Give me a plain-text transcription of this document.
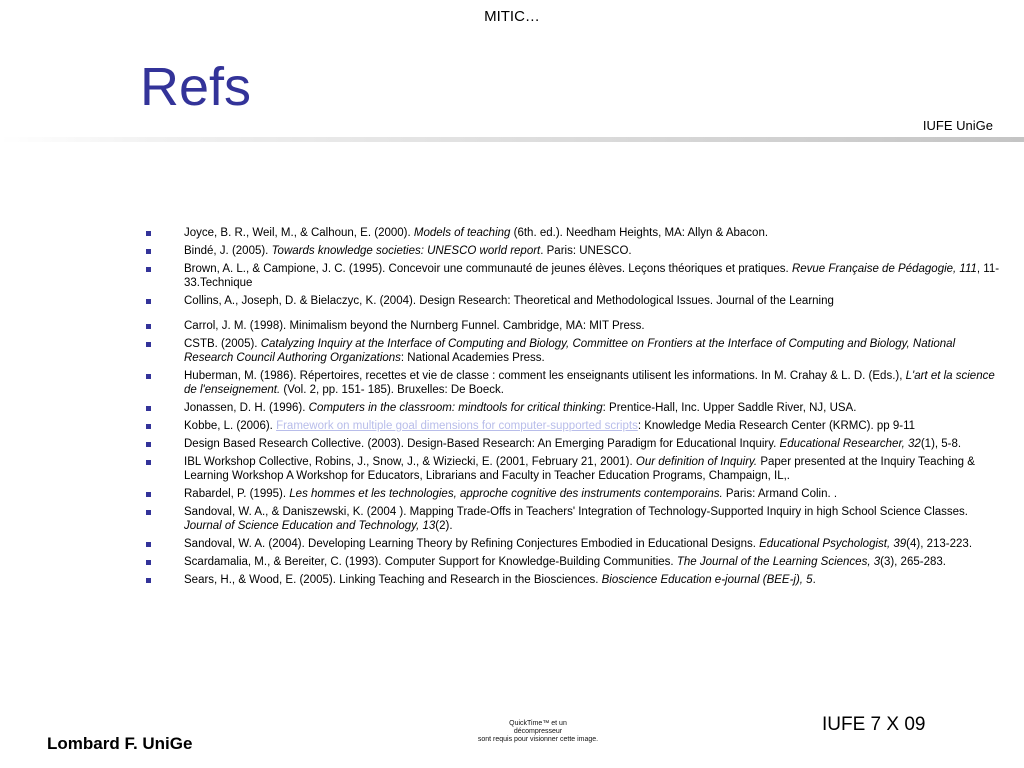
MITIC…
Refs
IUFE UniGe
Joyce, B. R., Weil, M., & Calhoun, E. (2000). Models of teaching (6th. ed.). Needham Heights, MA: Allyn & Abacon.
Bindé, J. (2005). Towards knowledge societies: UNESCO world report. Paris: UNESCO.
Brown, A. L., & Campione, J. C. (1995). Concevoir une communauté de jeunes élèves. Leçons théoriques et pratiques. Revue Française de Pédagogie, 111, 11-33.Technique
Collins, A., Joseph, D. & Bielaczyc, K. (2004). Design Research: Theoretical and Methodological Issues. Journal of the Learning
Carrol, J. M. (1998). Minimalism beyond the Nurnberg Funnel. Cambridge, MA: MIT Press.
CSTB. (2005). Catalyzing Inquiry at the Interface of Computing and Biology, Committee on Frontiers at the Interface of Computing and Biology, National Research Council Authoring Organizations: National Academies Press.
Huberman, M. (1986). Répertoires, recettes et vie de classe : comment les enseignants utilisent les informations. In M. Crahay & L. D. (Eds.), L'art et la science de l'enseignement. (Vol. 2, pp. 151- 185). Bruxelles: De Boeck.
Jonassen, D. H. (1996). Computers in the classroom: mindtools for critical thinking: Prentice-Hall, Inc. Upper Saddle River, NJ, USA.
Kobbe, L. (2006). Framework on multiple goal dimensions for computer-supported scripts: Knowledge Media Research Center (KRMC). pp 9-11
Design Based Research Collective. (2003). Design-Based Research: An Emerging Paradigm for Educational Inquiry. Educational Researcher, 32(1), 5-8.
IBL Workshop Collective, Robins, J., Snow, J., & Wiziecki, E. (2001, February 21, 2001). Our definition of Inquiry. Paper presented at the Inquiry Teaching & Learning Workshop A Workshop for Educators, Librarians and Faculty in Teacher Education Programs, Champaign, IL,.
Rabardel, P. (1995). Les hommes et les technologies, approche cognitive des instruments contemporains. Paris: Armand Colin. .
Sandoval, W. A., & Daniszewski, K. (2004 ). Mapping Trade-Offs in Teachers' Integration of Technology-Supported Inquiry in high School Science Classes. Journal of Science Education and Technology, 13(2).
Sandoval, W. A. (2004). Developing Learning Theory by Refining Conjectures Embodied in Educational Designs. Educational Psychologist, 39(4), 213-223.
Scardamalia, M., & Bereiter, C. (1993). Computer Support for Knowledge-Building Communities. The Journal of the Learning Sciences, 3(3), 265-283.
Sears, H., & Wood, E. (2005). Linking Teaching and Research in the Biosciences. Bioscience Education e-journal (BEE-j), 5.
QuickTime™ et un
décompresseur
sont requis pour visionner cette image.
IUFE 7 X 09
Lombard F. UniGe
